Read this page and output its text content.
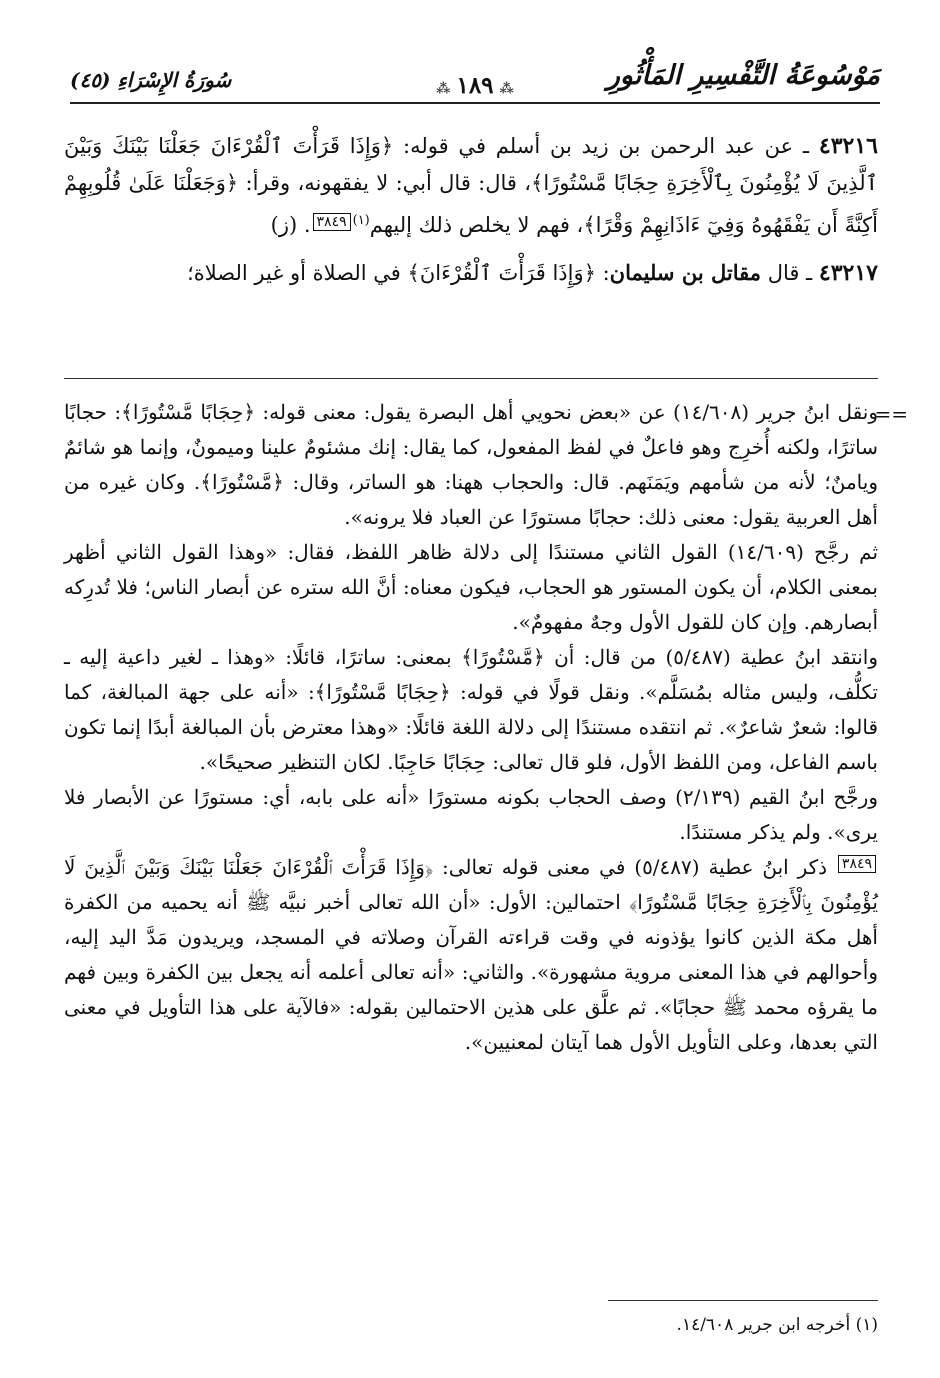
مَوْسُوعَةُ التَّفْسِيرِ المَأْثُورِ
⁂١٨٩⁂
سُورَةُ الإِسْرَاءِ (٤٥)

٤٣٢١٦ ـ عن عبد الرحمن بن زيد بن أسلم في قوله: ﴿وَإِذَا قَرَأْتَ ٱلْقُرْءَانَ جَعَلْنَا بَيْنَكَ وَبَيْنَ ٱلَّذِينَ لَا يُؤْمِنُونَ بِٱلْأَخِرَةِ حِجَابًا مَّسْتُورًا﴾، قال: قال أبي: لا يفقهونه، وقرأ: ﴿وَجَعَلْنَا عَلَىٰ قُلُوبِهِمْ أَكِنَّةً أَن يَفْقَهُوهُ وَفِيٓ ءَاذَانِهِمْ وَقْرًا﴾، فهم لا يخلص ذلك إليهم$^{(١)}$٣٨٤٩. (ز)

٤٣٢١٧ ـ قال مقاتل بن سليمان: ﴿وَإِذَا قَرَأْتَ ٱلْقُرْءَانَ﴾ في الصلاة أو غير الصلاة؛

==

ونقل ابنُ جرير (١٤/٦٠٨) عن «بعض نحويي أهل البصرة يقول: معنى قوله: ﴿حِجَابًا مَّسْتُورًا﴾: حجابًا ساترًا، ولكنه أُخرِج وهو فاعلٌ في لفظ المفعول، كما يقال: إنك مشئومٌ علينا وميمونٌ، وإنما هو شائمٌ ويامنٌ؛ لأنه من شأمهم ويَمَنَهم. قال: والحجاب ههنا: هو الساتر، وقال: ﴿مَّسْتُورًا﴾. وكان غيره من أهل العربية يقول: معنى ذلك: حجابًا مستورًا عن العباد فلا يرونه».

ثم رجَّح (١٤/٦٠٩) القول الثاني مستندًا إلى دلالة ظاهر اللفظ، فقال: «وهذا القول الثاني أظهر بمعنى الكلام، أن يكون المستور هو الحجاب، فيكون معناه: أنَّ الله ستره عن أبصار الناس؛ فلا تُدرِكه أبصارهم. وإن كان للقول الأول وجهٌ مفهومٌ».

وانتقد ابنُ عطية (٥/٤٨٧) من قال: أن ﴿مَّسْتُورًا﴾ بمعنى: ساترًا، قائلًا: «وهذا ـ لغير داعية إليه ـ تكلُّف، وليس مثاله بمُسَلَّم». ونقل قولًا في قوله: ﴿حِجَابًا مَّسْتُورًا﴾: «أنه على جهة المبالغة، كما قالوا: شعرٌ شاعرٌ». ثم انتقده مستندًا إلى دلالة اللغة قائلًا: «وهذا معترض بأن المبالغة أبدًا إنما تكون باسم الفاعل، ومن اللفظ الأول، فلو قال تعالى: حِجَابًا حَاجِبًا. لكان التنظير صحيحًا».

ورجَّح ابنُ القيم (٢/١٣٩) وصف الحجاب بكونه مستورًا «أنه على بابه، أي: مستورًا عن الأبصار فلا يرى». ولم يذكر مستندًا.

٣٨٤٩ ذكر ابنُ عطية (٥/٤٨٧) في معنى قوله تعالى: ﴿وَإِذَا قَرَأْتَ ٱلْقُرْءَانَ جَعَلْنَا بَيْنَكَ وَبَيْنَ ٱلَّذِينَ لَا يُؤْمِنُونَ بِٱلْأَخِرَةِ حِجَابًا مَّسْتُورًا﴾ احتمالين: الأول: «أن الله تعالى أخبر نبيَّه ﷺ أنه يحميه من الكفرة أهل مكة الذين كانوا يؤذونه في وقت قراءته القرآن وصلاته في المسجد، ويريدون مَدَّ اليد إليه، وأحوالهم في هذا المعنى مروية مشهورة». والثاني: «أنه تعالى أعلمه أنه يجعل بين الكفرة وبين فهم ما يقرؤه محمد ﷺ حجابًا». ثم علَّق على هذين الاحتمالين بقوله: «فالآية على هذا التأويل في معنى التي بعدها، وعلى التأويل الأول هما آيتان لمعنيين».

(١) أخرجه ابن جرير ١٤/٦٠٨.
